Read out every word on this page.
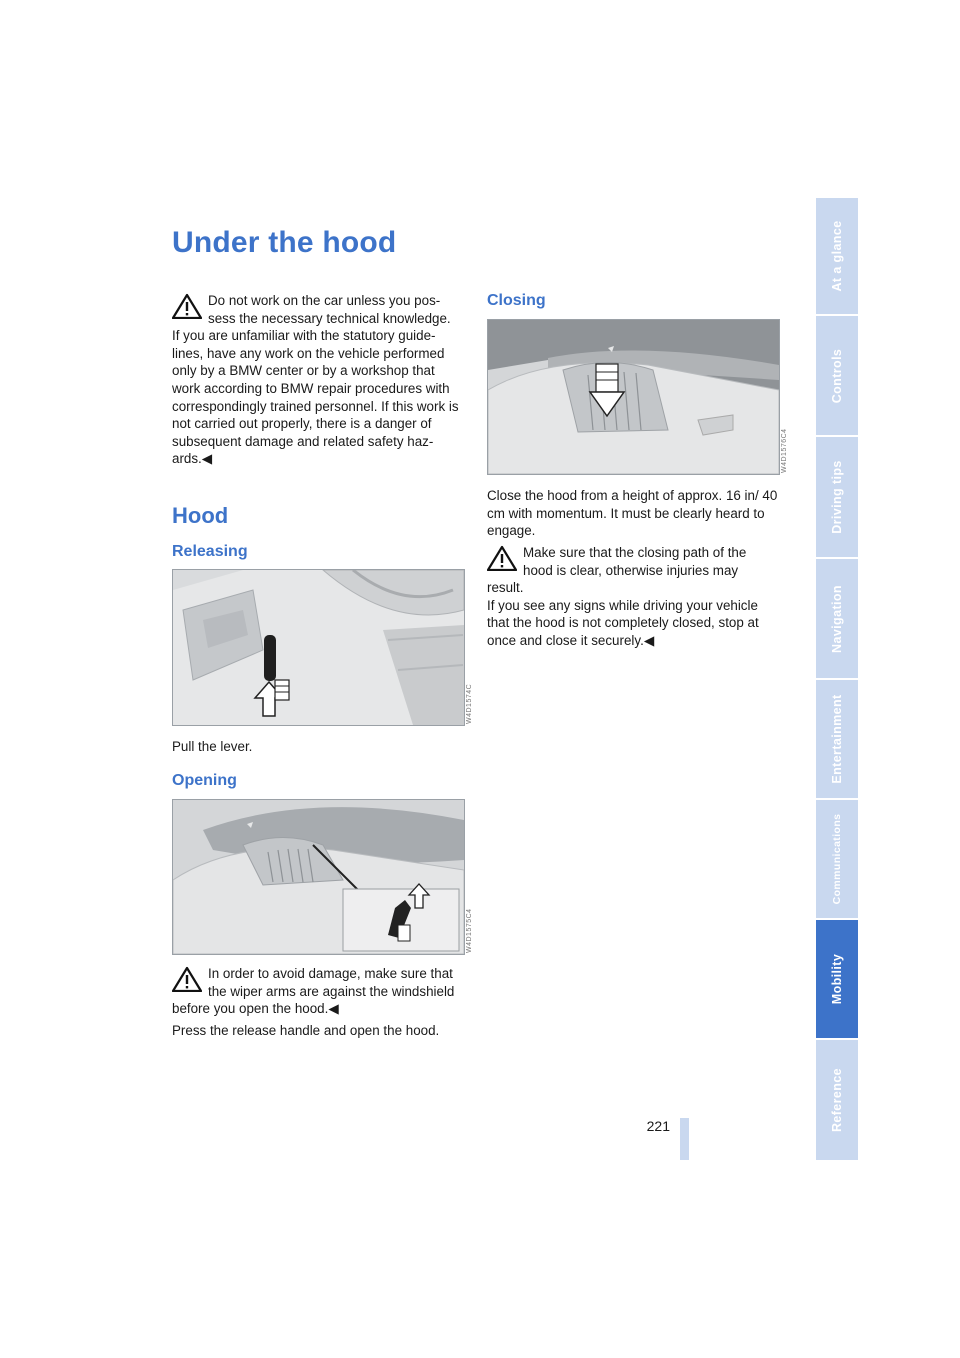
Under the hood
Do not work on the car unless you pos-
sess the necessary technical knowledge.
If you are unfamiliar with the statutory guide-lines, have any work on the vehicle performed only by a BMW center or by a workshop that work according to BMW repair procedures with correspondingly trained personnel. If this work is not carried out properly, there is a danger of subsequent damage and related safety haz-ards.◀
Hood
Releasing
W4D1574C

Pull the lever.

Opening
W4D1575C4
In order to avoid damage, make sure that
the wiper arms are against the windshield
before you open the hood.◀

Press the release handle and open the hood.

Closing
W4D1576C4

Close the hood from a height of approx. 16 in/ 40 cm with momentum. It must be clearly heard to engage.

Make sure that the closing path of the
hood is clear, otherwise injuries may
result.
If you see any signs while driving your vehicle that the hood is not completely closed, stop at once and close it securely.◀
221
At a glance
Controls
Driving tips
Navigation
Entertainment
Communications
Mobility
Reference
